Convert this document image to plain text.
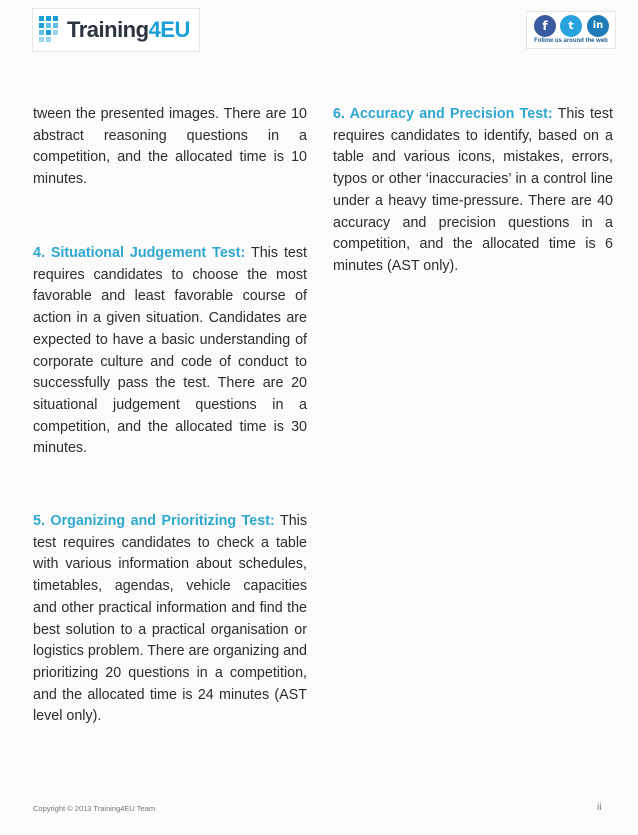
Training4EU	f	t	in
Follow us around the web

tween the presented images. There are 10 abstract reasoning questions in a competition, and the allocated time is 10 minutes.

4. Situational Judgement Test: This test requires candidates to choose the most favorable and least favorable course of action in a given situation. Candidates are expected to have a basic understanding of corporate culture and code of conduct to successfully pass the test. There are 20 situational judgement questions in a competition, and the allocated time is 30 minutes.

5. Organizing and Prioritizing Test: This test requires candidates to check a table with various information about schedules, timetables, agendas, vehicle capacities and other practical information and find the best solution to a practical organisation or logistics problem. There are organizing and prioritizing 20 questions in a competition, and the allocated time is 24 minutes (AST level only).

6. Accuracy and Precision Test: This test requires candidates to identify, based on a table and various icons, mistakes, errors, typos or other ‘inaccuracies’ in a control line under a heavy time-pressure. There are 40 accuracy and precision questions in a competition, and the allocated time is 6 minutes (AST only).

Copyright © 2013 Training4EU Team	ii
